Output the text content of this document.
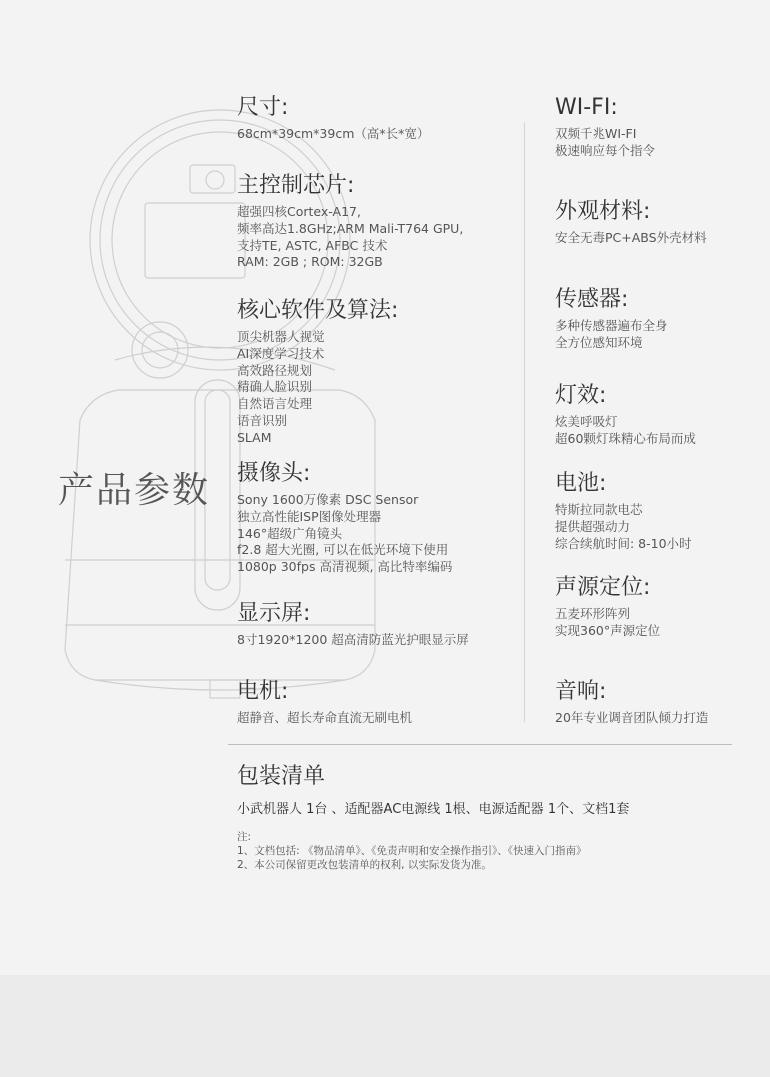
产品参数
尺寸:
68cm*39cm*39cm（高*长*宽）
主控制芯片:
超强四核Cortex-A17,
频率高达1.8GHz;ARM Mali-T764 GPU,
支持TE, ASTC, AFBC 技术
RAM: 2GB ; ROM: 32GB
核心软件及算法:
顶尖机器人视觉
AI深度学习技术
高效路径规划
精确人脸识别
自然语言处理
语音识别
SLAM
摄像头:
Sony 1600万像素 DSC Sensor
独立高性能ISP图像处理器
146°超级广角镜头
f2.8 超大光圈, 可以在低光环境下使用
1080p 30fps 高清视频, 高比特率编码
显示屏:
8寸1920*1200 超高清防蓝光护眼显示屏
电机:
超静音、超长寿命直流无刷电机
WI-FI:
双频千兆WI-FI
极速响应每个指令
外观材料:
安全无毒PC+ABS外壳材料
传感器:
多种传感器遍布全身
全方位感知环境
灯效:
炫美呼吸灯
超60颗灯珠精心布局而成
电池:
特斯拉同款电芯
提供超强动力
综合续航时间: 8-10小时
声源定位:
五麦环形阵列
实现360°声源定位
音响:
20年专业调音团队倾力打造
包装清单
小武机器人 1台 、适配器AC电源线 1根、电源适配器 1个、文档1套
注:
1、文档包括: 《物品清单》、《免责声明和安全操作指引》、《快速入门指南》
2、本公司保留更改包装清单的权利, 以实际发货为准。
